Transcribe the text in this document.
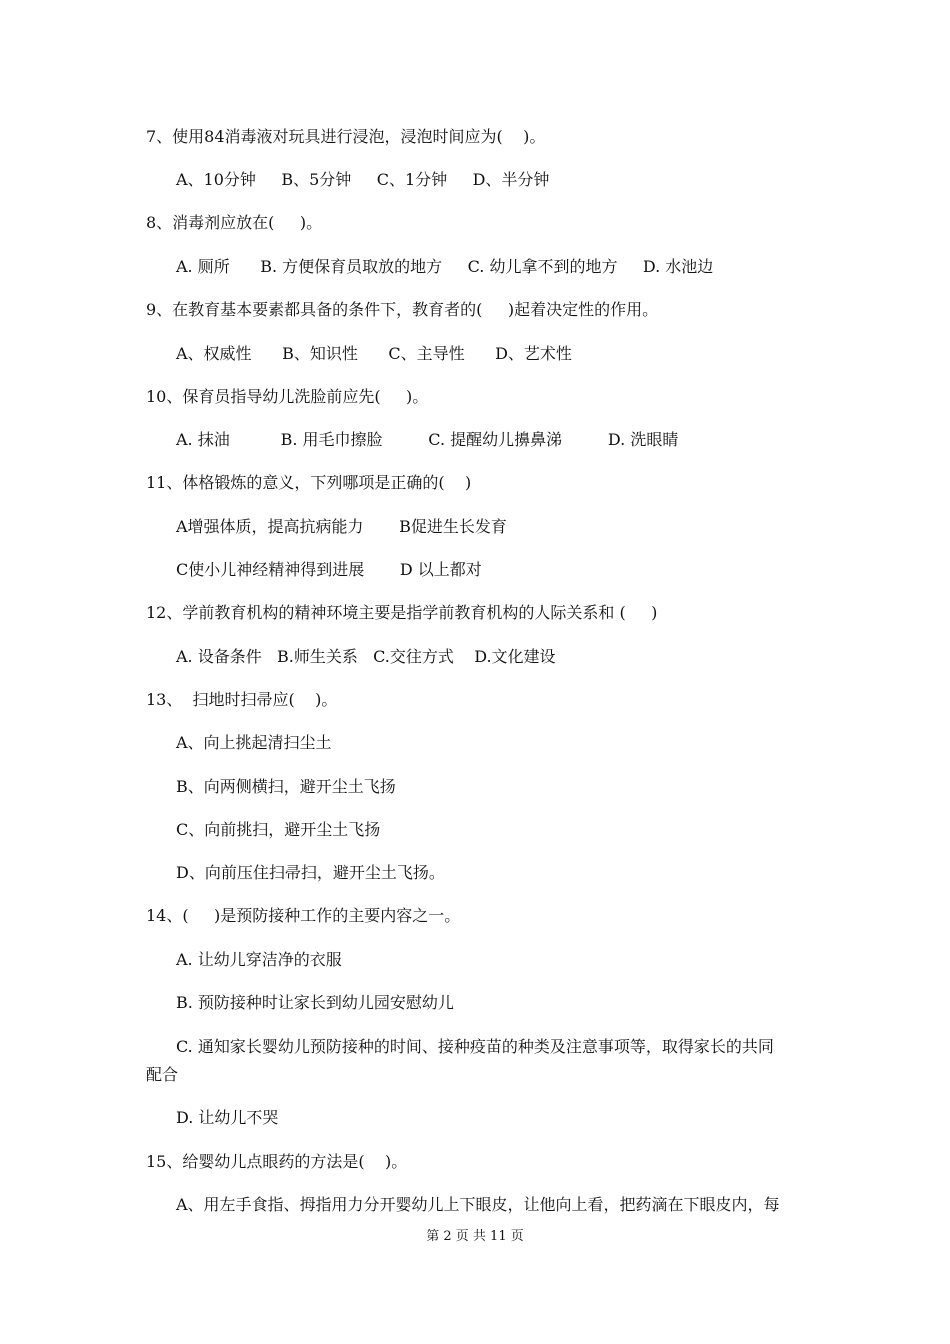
7、使用84消毒液对玩具进行浸泡，浸泡时间应为(    )。
A、10分钟     B、5分钟     C、1分钟     D、半分钟
8、消毒剂应放在(     )。
A. 厕所      B. 方便保育员取放的地方     C. 幼儿拿不到的地方     D. 水池边
9、在教育基本要素都具备的条件下，教育者的(     )起着决定性的作用。
A、权威性      B、知识性      C、主导性      D、艺术性
10、保育员指导幼儿洗脸前应先(     )。
A. 抹油          B. 用毛巾擦脸         C. 提醒幼儿擤鼻涕         D. 洗眼睛
11、体格锻炼的意义，下列哪项是正确的(    )
A增强体质，提高抗病能力       B促进生长发育
C使小儿神经精神得到进展       D 以上都对
12、学前教育机构的精神环境主要是指学前教育机构的人际关系和 (     )
A. 设备条件   B.师生关系   C.交往方式    D.文化建设
13、  扫地时扫帚应(    )。
A、向上挑起清扫尘土
B、向两侧横扫，避开尘土飞扬
C、向前挑扫，避开尘土飞扬
D、向前压住扫帚扫，避开尘土飞扬。
14、(     )是预防接种工作的主要内容之一。
A. 让幼儿穿洁净的衣服
B. 预防接种时让家长到幼儿园安慰幼儿
C. 通知家长婴幼儿预防接种的时间、接种疫苗的种类及注意事项等，取得家长的共同
配合
D. 让幼儿不哭
15、给婴幼儿点眼药的方法是(    )。
A、用左手食指、拇指用力分开婴幼儿上下眼皮，让他向上看，把药滴在下眼皮内，每
第 2 页 共 11 页
